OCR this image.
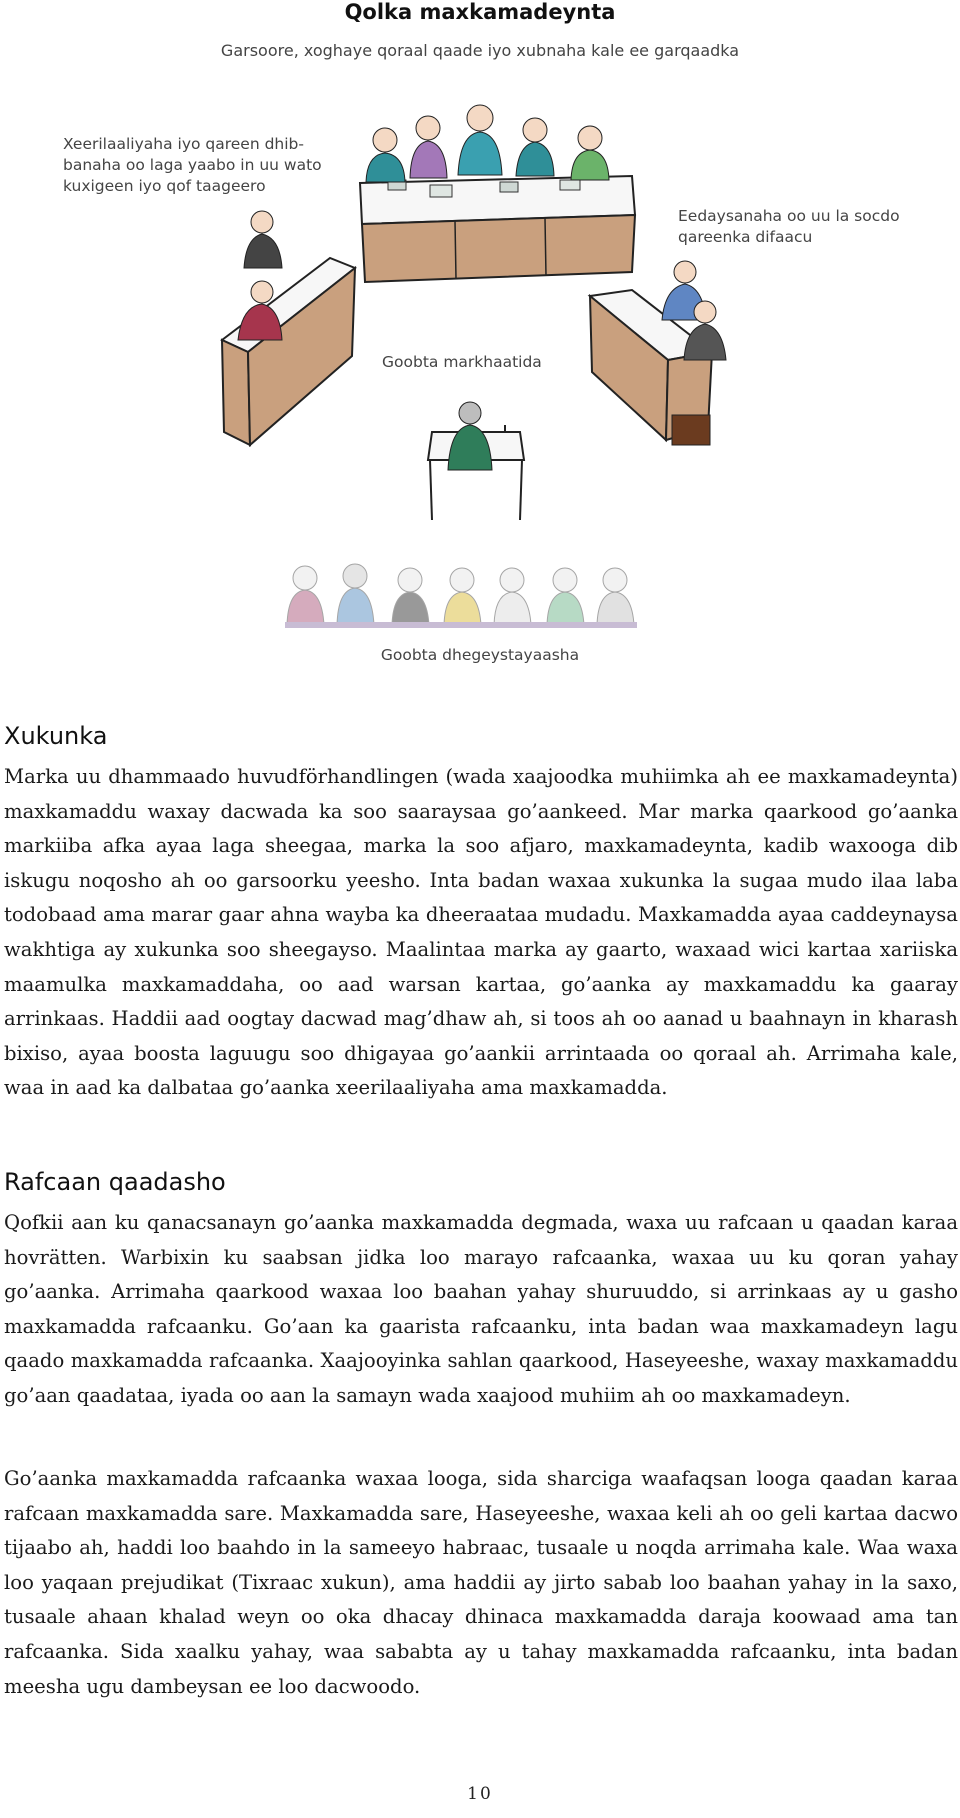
Qolka maxkamadeynta
Garsoore, xoghaye qoraal qaade iyo xubnaha kale ee garqaadka
Xeerilaaliyaha iyo qareen dhib-banaha oo laga yaabo in uu wato kuxigeen iyo qof taageero
Eedaysanaha oo uu la socdo qareenka difaacu
Goobta markhaatida
Goobta dhegeystayaasha
Xukunka

Marka uu dhammaado huvudförhandlingen (wada xaajoodka muhiimka ah ee maxkamadeynta) maxkamaddu waxay dacwada ka soo saaraysaa go’aankeed. Mar marka qaarkood go’aanka markiiba afka ayaa laga sheegaa, marka la soo afjaro, maxkamadeynta, kadib waxooga dib iskugu noqosho ah oo garsoorku yeesho. Inta badan waxaa xukunka la sugaa mudo ilaa laba todobaad ama marar gaar ahna wayba ka dheeraataa mudadu. Maxkamadda ayaa caddeynaysa wakhtiga ay xukunka soo sheegayso. Maalintaa marka ay gaarto, waxaad wici kartaa xariiska maamulka maxkamaddaha, oo aad warsan kartaa, go’aanka ay maxkamaddu ka gaaray arrinkaas. Haddii aad oogtay dacwad mag’dhaw ah, si toos ah oo aanad u baahnayn in kharash bixiso, ayaa boosta laguugu soo dhigayaa go’aankii arrintaada oo qoraal ah. Arrimaha kale, waa in aad ka dalbataa go’aanka xeerilaaliyaha ama maxkamadda.

Rafcaan qaadasho

Qofkii aan ku qanacsanayn go’aanka maxkamadda degmada, waxa uu rafcaan u qaadan karaa hovrätten. Warbixin ku saabsan jidka loo marayo rafcaanka, waxaa uu ku qoran yahay go’aanka. Arrimaha qaarkood waxaa loo baahan yahay shuruuddo, si arrinkaas ay u gasho maxkamadda rafcaanku. Go’aan ka gaarista rafcaanku, inta badan waa maxkamadeyn lagu qaado maxkamadda rafcaanka. Xaajooyinka sahlan qaarkood, Haseyeeshe, waxay maxkamaddu go’aan qaadataa, iyada oo aan la samayn wada xaajood muhiim ah oo maxkamadeyn.

Go’aanka maxkamadda rafcaanka waxaa looga, sida sharciga waafaqsan looga qaadan karaa rafcaan maxkamadda sare. Maxkamadda sare, Haseyeeshe, waxaa keli ah oo geli kartaa dacwo tijaabo ah, haddi loo baahdo in la sameeyo habraac, tusaale u noqda arrimaha kale. Waa waxa loo yaqaan prejudikat (Tixraac xukun), ama haddii ay jirto sabab loo baahan yahay in la saxo, tusaale ahaan khalad weyn oo oka dhacay dhinaca maxkamadda daraja koowaad ama tan rafcaanka. Sida xaalku yahay, waa sababta ay u tahay maxkamadda rafcaanku, inta badan meesha ugu dambeysan ee loo dacwoodo.

10
